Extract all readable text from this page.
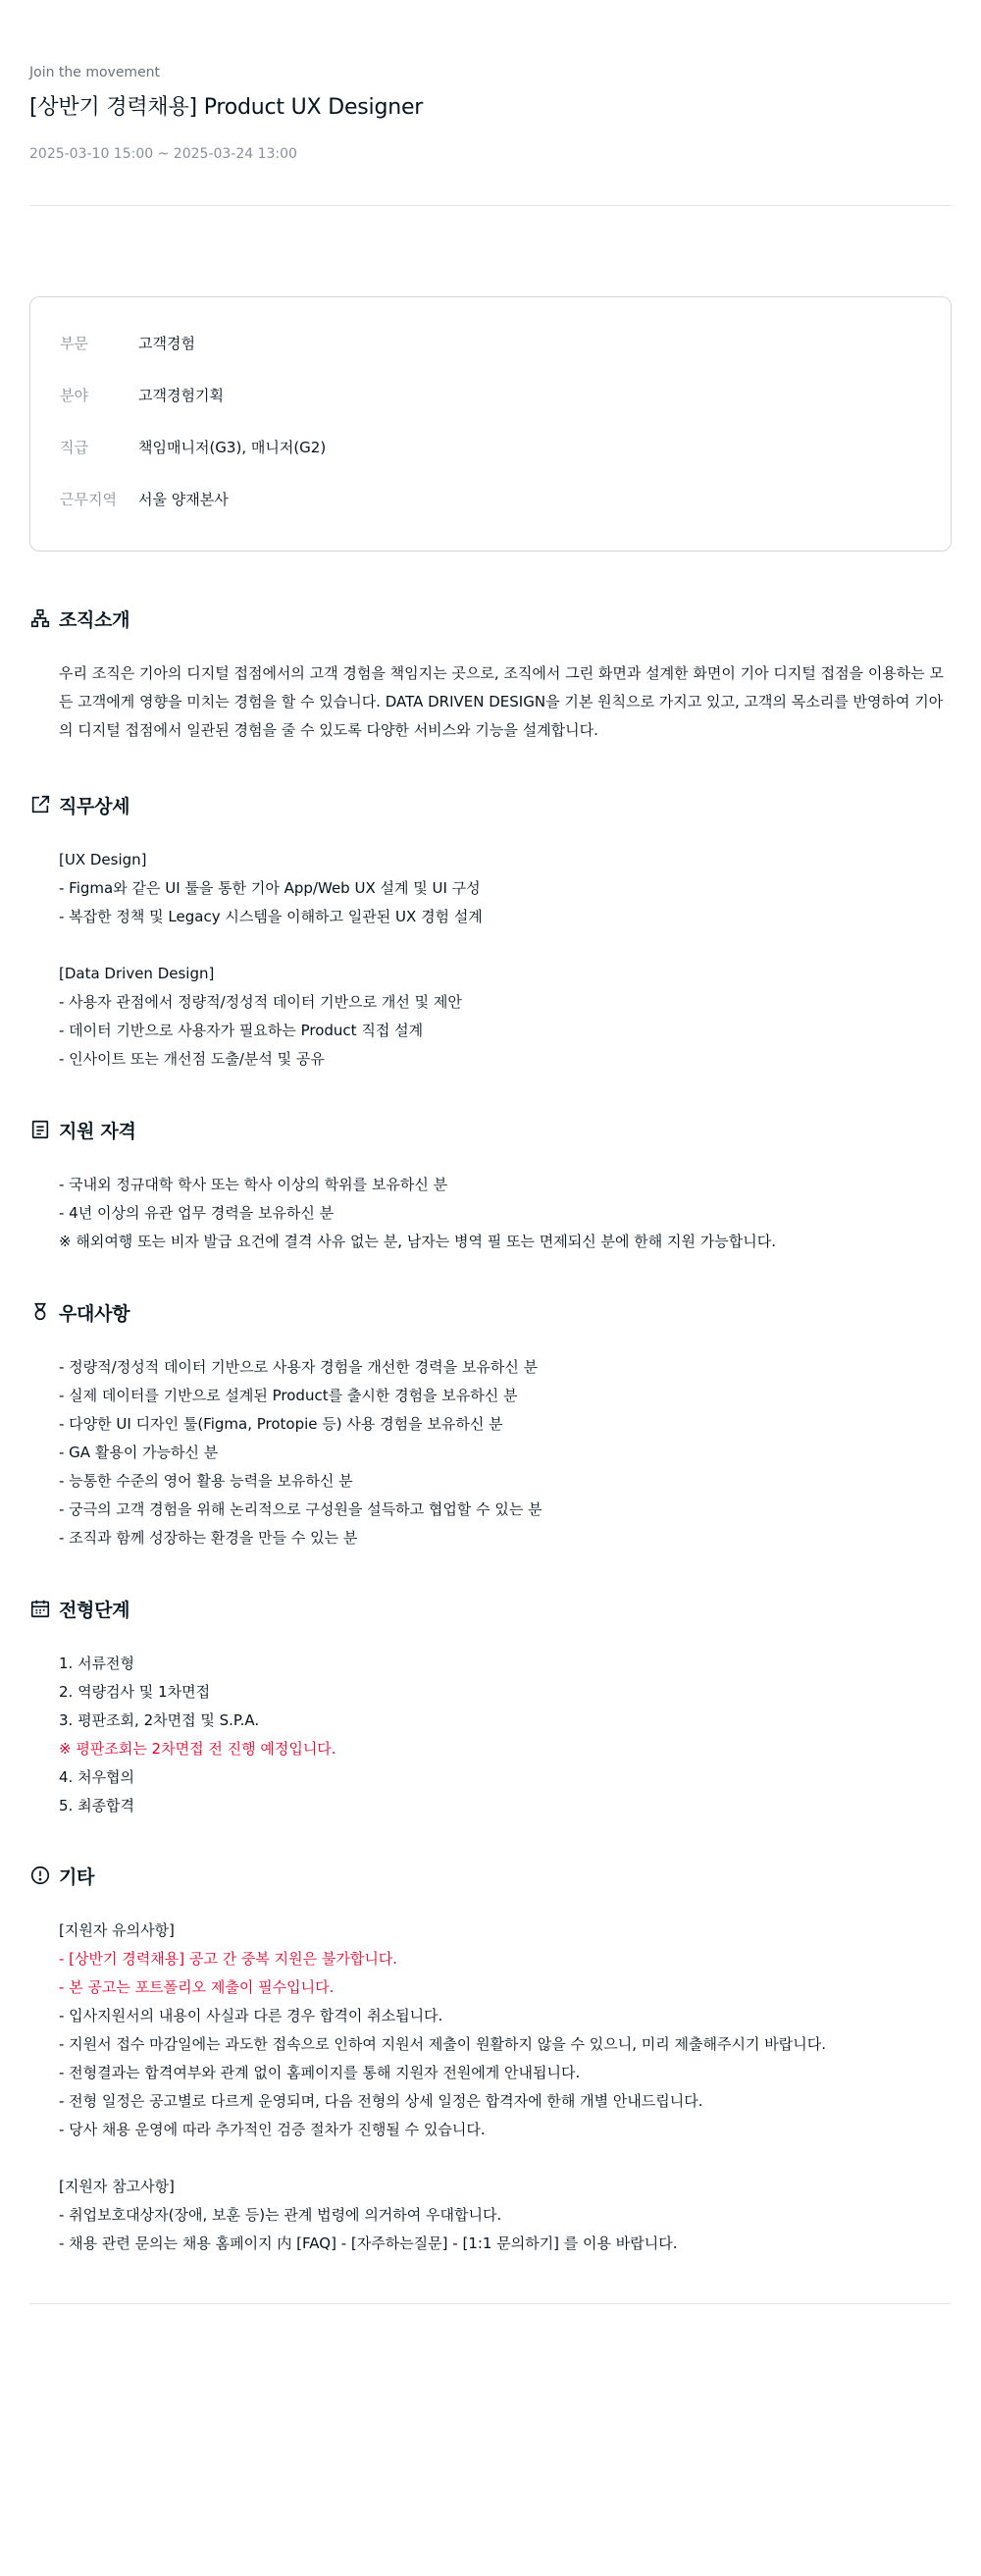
Join the movement
[상반기 경력채용] Product UX Designer
2025-03-10 15:00 ~ 2025-03-24 13:00
부문	고객경험
분야	고객경험기획
직급	책임매니저(G3), 매니저(G2)
근무지역	서울 양재본사
조직소개
우리 조직은 기아의 디지털 접점에서의 고객 경험을 책임지는 곳으로, 조직에서 그린 화면과 설계한 화면이 기아 디지털 접점을 이용하는 모든 고객에게 영향을 미치는 경험을 할 수 있습니다. DATA DRIVEN DESIGN을 기본 원칙으로 가지고 있고, 고객의 목소리를 반영하여 기아의 디지털 접점에서 일관된 경험을 줄 수 있도록 다양한 서비스와 기능을 설계합니다.
직무상세
[UX Design]
- Figma와 같은 UI 툴을 통한 기아 App/Web UX 설계 및 UI 구성
- 복잡한 정책 및 Legacy 시스템을 이해하고 일관된 UX 경험 설계
[Data Driven Design]
- 사용자 관점에서 정량적/정성적 데이터 기반으로 개선 및 제안
- 데이터 기반으로 사용자가 필요하는 Product 직접 설계
- 인사이트 또는 개선점 도출/분석 및 공유
지원 자격
- 국내외 정규대학 학사 또는 학사 이상의 학위를 보유하신 분
- 4년 이상의 유관 업무 경력을 보유하신 분
※ 해외여행 또는 비자 발급 요건에 결격 사유 없는 분, 남자는 병역 필 또는 면제되신 분에 한해 지원 가능합니다.
우대사항
- 정량적/정성적 데이터 기반으로 사용자 경험을 개선한 경력을 보유하신 분
- 실제 데이터를 기반으로 설계된 Product를 출시한 경험을 보유하신 분
- 다양한 UI 디자인 툴(Figma, Protopie 등) 사용 경험을 보유하신 분
- GA 활용이 가능하신 분
- 능통한 수준의 영어 활용 능력을 보유하신 분
- 궁극의 고객 경험을 위해 논리적으로 구성원을 설득하고 협업할 수 있는 분
- 조직과 함께 성장하는 환경을 만들 수 있는 분
전형단계
1. 서류전형
2. 역량검사 및 1차면접
3. 평판조회, 2차면접 및 S.P.A.
※ 평판조회는 2차면접 전 진행 예정입니다.
4. 처우협의
5. 최종합격
기타
[지원자 유의사항]
- [상반기 경력채용] 공고 간 중복 지원은 불가합니다.
- 본 공고는 포트폴리오 제출이 필수입니다.
- 입사지원서의 내용이 사실과 다른 경우 합격이 취소됩니다.
- 지원서 접수 마감일에는 과도한 접속으로 인하여 지원서 제출이 원활하지 않을 수 있으니, 미리 제출해주시기 바랍니다.
- 전형결과는 합격여부와 관계 없이 홈페이지를 통해 지원자 전원에게 안내됩니다.
- 전형 일정은 공고별로 다르게 운영되며, 다음 전형의 상세 일정은 합격자에 한해 개별 안내드립니다.
- 당사 채용 운영에 따라 추가적인 검증 절차가 진행될 수 있습니다.
[지원자 참고사항]
- 취업보호대상자(장애, 보훈 등)는 관계 법령에 의거하여 우대합니다.
- 채용 관련 문의는 채용 홈페이지 内 [FAQ] - [자주하는질문] - [1:1 문의하기] 를 이용 바랍니다.
